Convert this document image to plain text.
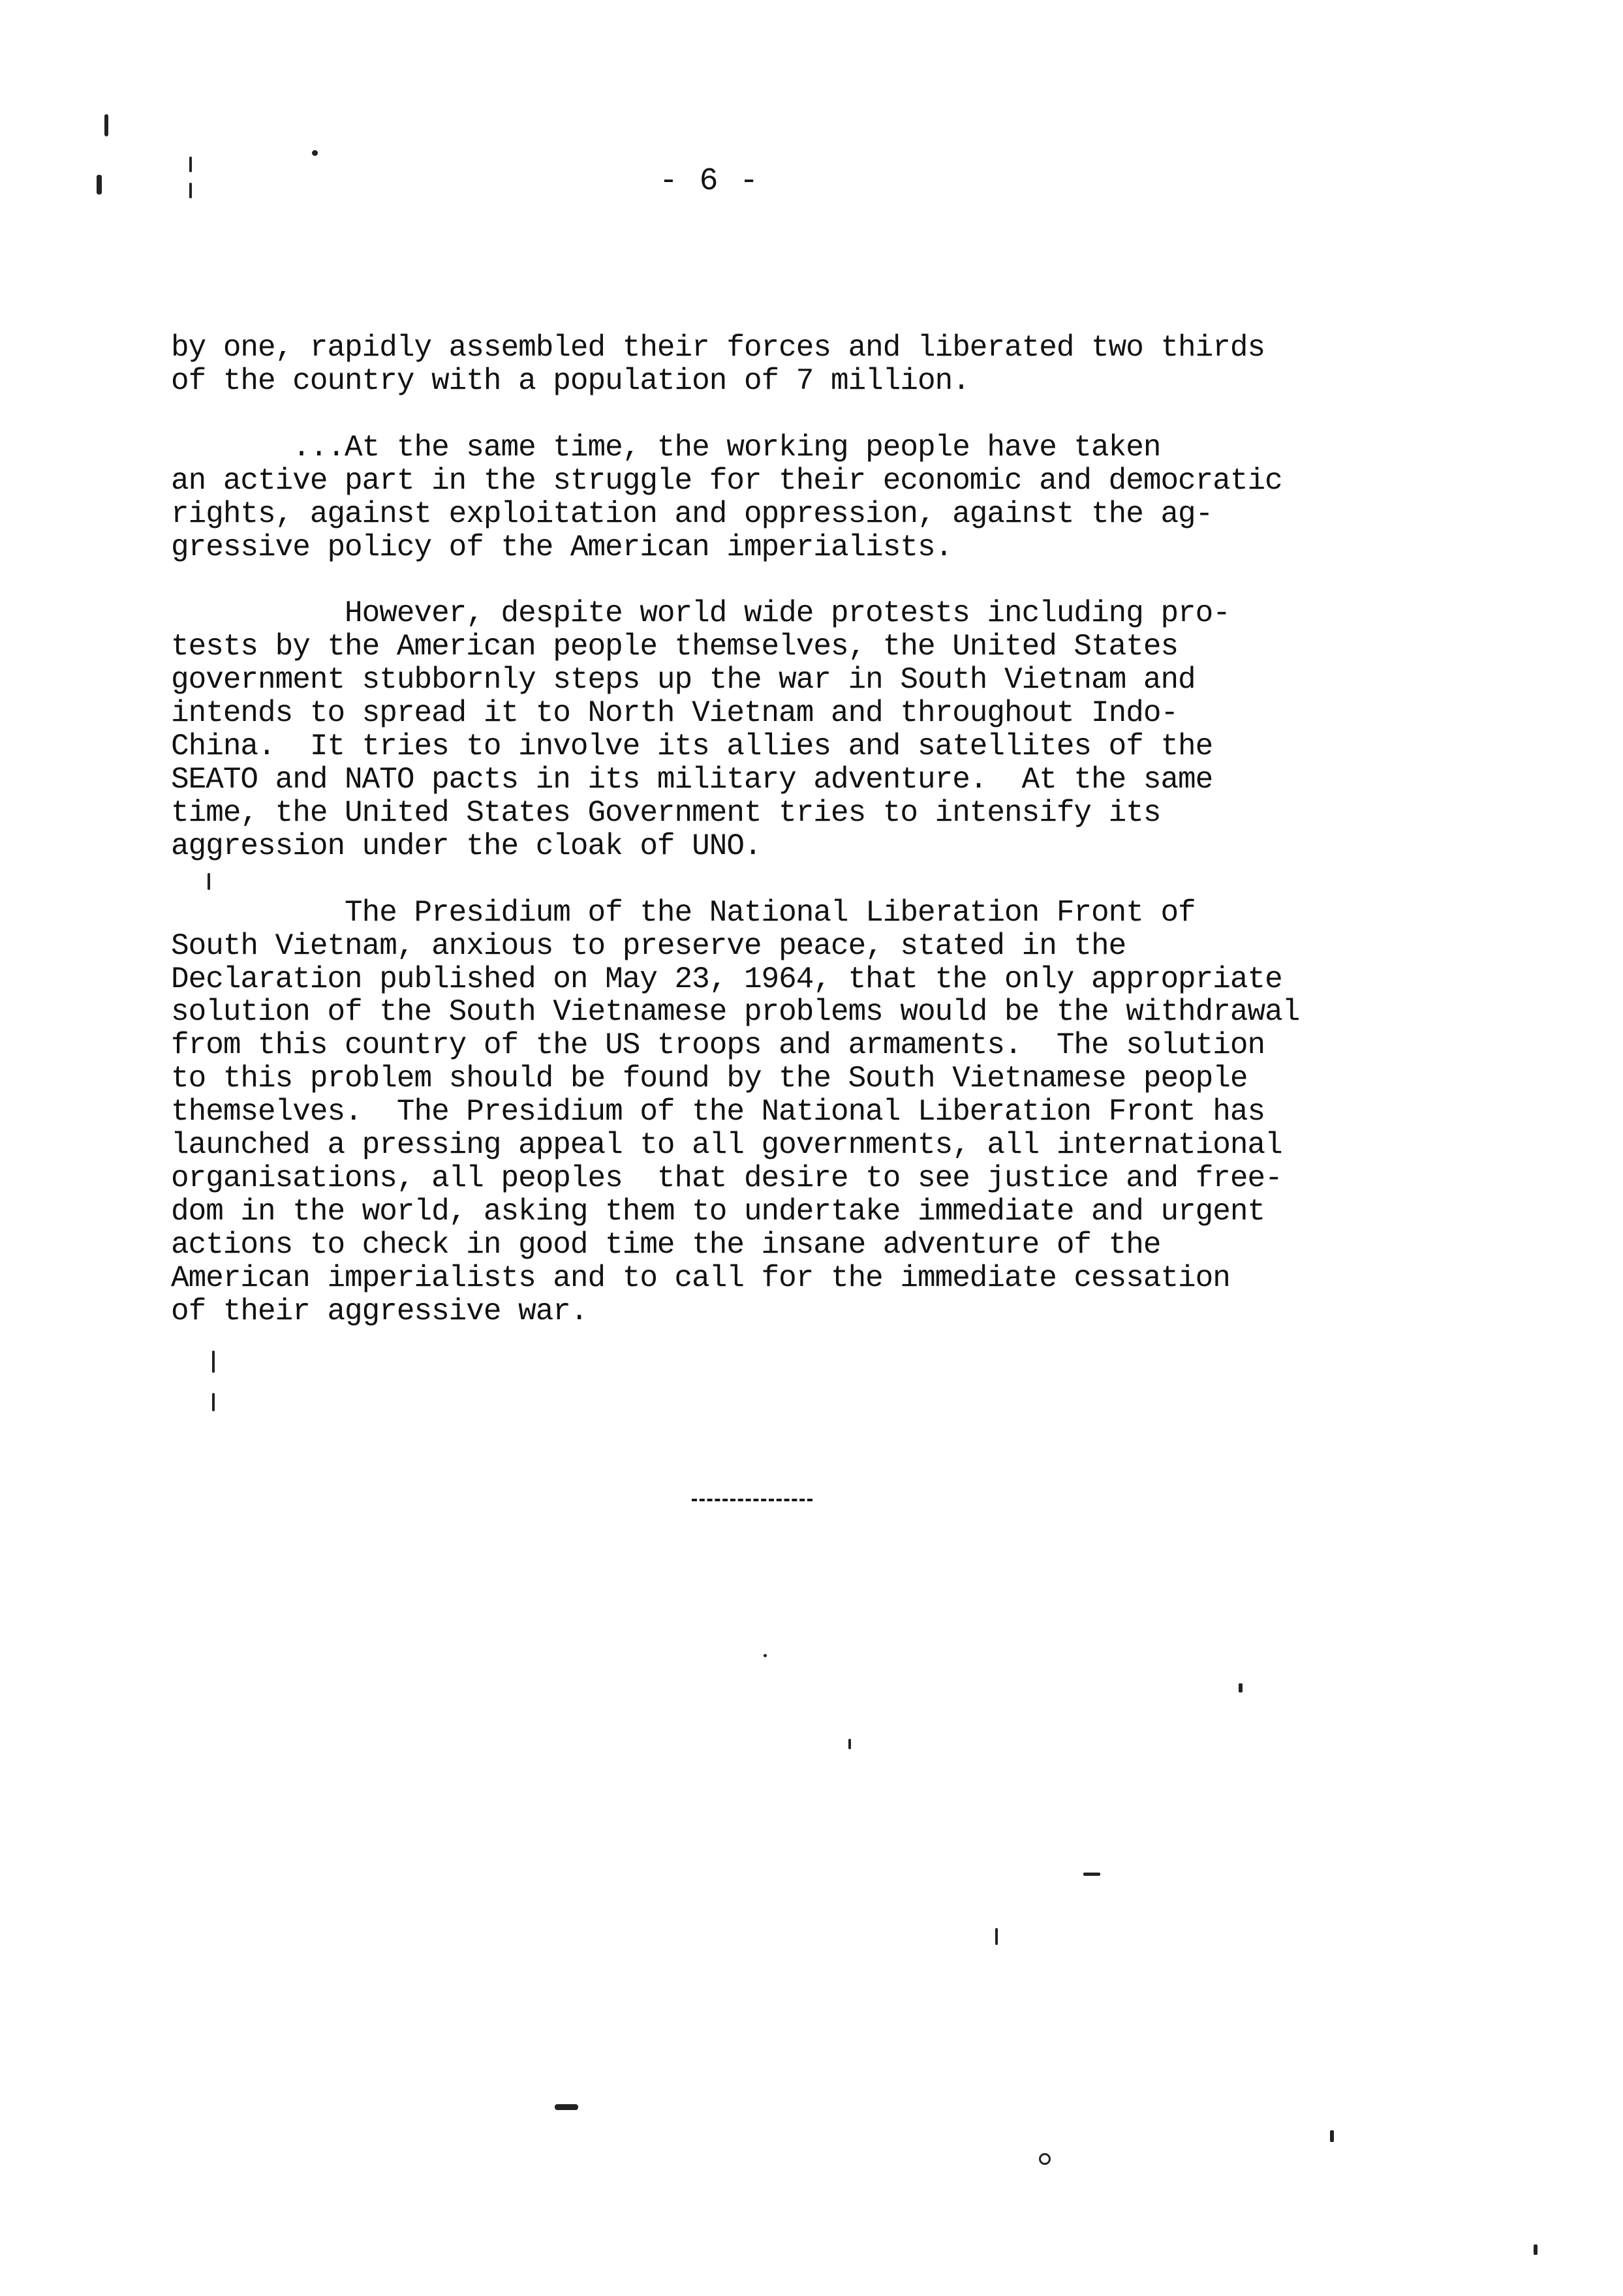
- 6 -
by one, rapidly assembled their forces and liberated two thirds
of the country with a population of 7 million.
...At the same time, the working people have taken
an active part in the struggle for their economic and democratic
rights, against exploitation and oppression, against the ag-
gressive policy of the American imperialists.
However, despite world wide protests including pro-
tests by the American people themselves, the United States
government stubbornly steps up the war in South Vietnam and
intends to spread it to North Vietnam and throughout Indo-
China.  It tries to involve its allies and satellites of the
SEATO and NATO pacts in its military adventure.  At the same
time, the United States Government tries to intensify its
aggression under the cloak of UNO.
The Presidium of the National Liberation Front of
South Vietnam, anxious to preserve peace, stated in the
Declaration published on May 23, 1964, that the only appropriate
solution of the South Vietnamese problems would be the withdrawal
from this country of the US troops and armaments.  The solution
to this problem should be found by the South Vietnamese people
themselves.  The Presidium of the National Liberation Front has
launched a pressing appeal to all governments, all international
organisations, all peoples  that desire to see justice and free-
dom in the world, asking them to undertake immediate and urgent
actions to check in good time the insane adventure of the
American imperialists and to call for the immediate cessation
of their aggressive war.
